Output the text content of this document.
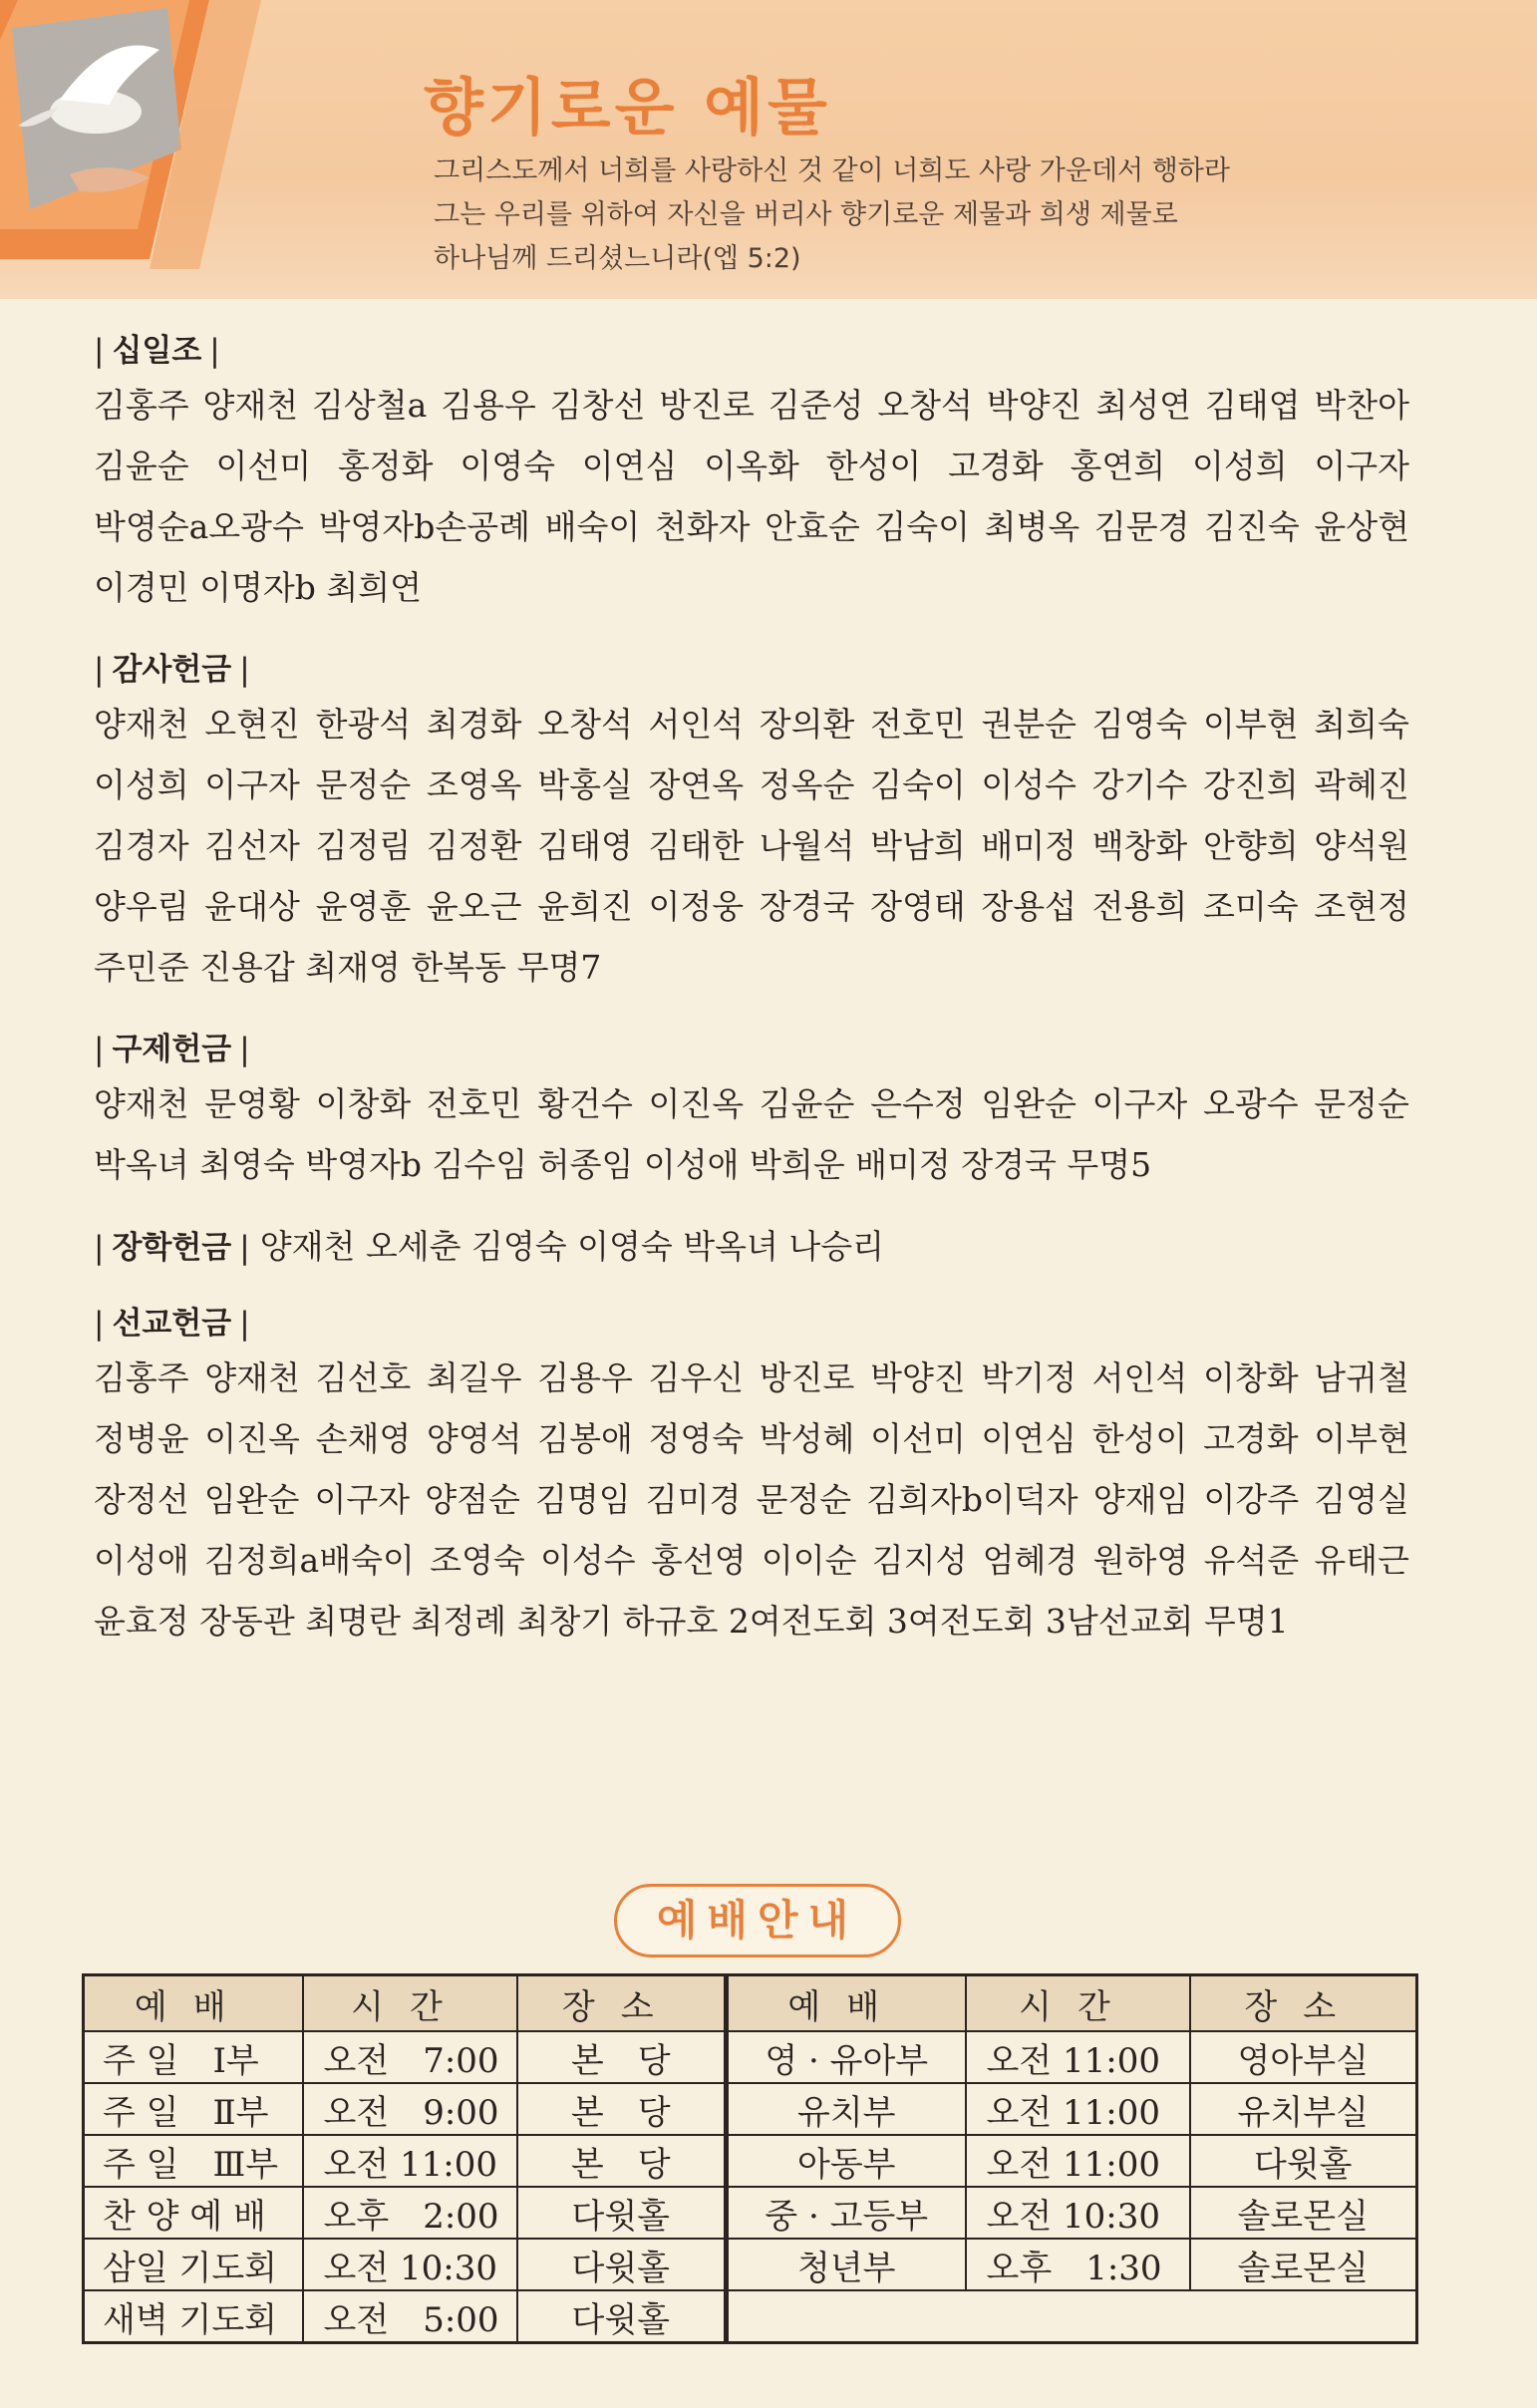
향기로운 예물
그리스도께서 너희를 사랑하신 것 같이 너희도 사랑 가운데서 행하라
그는 우리를 위하여 자신을 버리사 향기로운 제물과 희생 제물로
하나님께 드리셨느니라(엡 5:2)
| 십일조 |
김홍주 양재천 김상철a 김용우 김창선 방진로 김준성 오창석 박양진 최성연 김태엽 박찬아 김윤순 이선미 홍정화 이영숙 이연심 이옥화 한성이 고경화 홍연희 이성희 이구자 박영순a오광수 박영자b손공례 배숙이 천화자 안효순 김숙이 최병옥 김문경 김진숙 윤상현 이경민 이명자b 최희연
| 감사헌금 |
양재천 오현진 한광석 최경화 오창석 서인석 장의환 전호민 권분순 김영숙 이부현 최희숙 이성희 이구자 문정순 조영옥 박홍실 장연옥 정옥순 김숙이 이성수 강기수 강진희 곽혜진 김경자 김선자 김정림 김정환 김태영 김태한 나월석 박남희 배미정 백창화 안향희 양석원 양우림 윤대상 윤영훈 윤오근 윤희진 이정웅 장경국 장영태 장용섭 전용희 조미숙 조현정 주민준 진용갑 최재영 한복동 무명7
| 구제헌금 |
양재천 문영황 이창화 전호민 황건수 이진옥 김윤순 은수정 임완순 이구자 오광수 문정순 박옥녀 최영숙 박영자b 김수임 허종임 이성애 박희운 배미정 장경국 무명5
| 장학헌금 | 양재천 오세춘 김영숙 이영숙 박옥녀 나승리
| 선교헌금 |
김홍주 양재천 김선호 최길우 김용우 김우신 방진로 박양진 박기정 서인석 이창화 남귀철 정병윤 이진옥 손채영 양영석 김봉애 정영숙 박성혜 이선미 이연심 한성이 고경화 이부현 장정선 임완순 이구자 양점순 김명임 김미경 문정순 김희자b이덕자 양재임 이강주 김영실 이성애 김정희a배숙이 조영숙 이성수 홍선영 이이순 김지성 엄혜경 원하영 유석준 유태근 윤효정 장동관 최명란 최정례 최창기 하규호 2여전도회 3여전도회 3남선교회 무명1
예배안내
예배	시간	장소	예배	시간	장소
주 일　Ⅰ부	오전　7:00	본　당	영 · 유아부	오전 11:00	영아부실
주 일　Ⅱ부	오전　9:00	본　당	유치부	오전 11:00	유치부실
주 일　Ⅲ부	오전 11:00	본　당	아동부	오전 11:00	다윗홀
찬 양 예 배	오후　2:00	다윗홀	중 · 고등부	오전 10:30	솔로몬실
삼일 기도회	오전 10:30	다윗홀	청년부	오후　1:30	솔로몬실
새벽 기도회	오전　5:00	다윗홀			
